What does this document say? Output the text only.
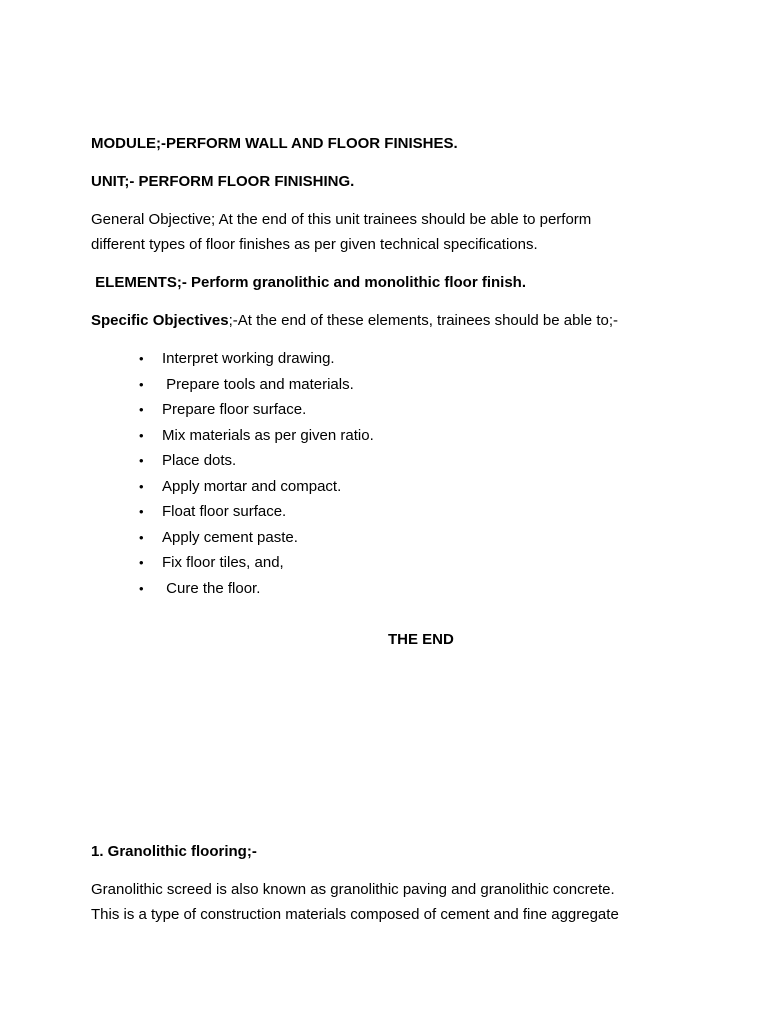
MODULE;-PERFORM WALL AND FLOOR FINISHES.
UNIT;- PERFORM FLOOR FINISHING.
General Objective; At the end of this unit trainees should be able to perform
different types of floor finishes as per given technical specifications.
ELEMENTS;- Perform granolithic and monolithic floor finish.
Specific Objectives;-At the end of these elements, trainees should be able to;-
• Interpret working drawing.
• Prepare tools and materials.
• Prepare floor surface.
• Mix materials as per given ratio.
• Place dots.
• Apply mortar and compact.
• Float floor surface.
• Apply cement paste.
• Fix floor tiles, and,
• Cure the floor.
THE END
1. Granolithic flooring;-
Granolithic screed is also known as granolithic paving and granolithic concrete.
This is a type of construction materials composed of cement and fine aggregate
